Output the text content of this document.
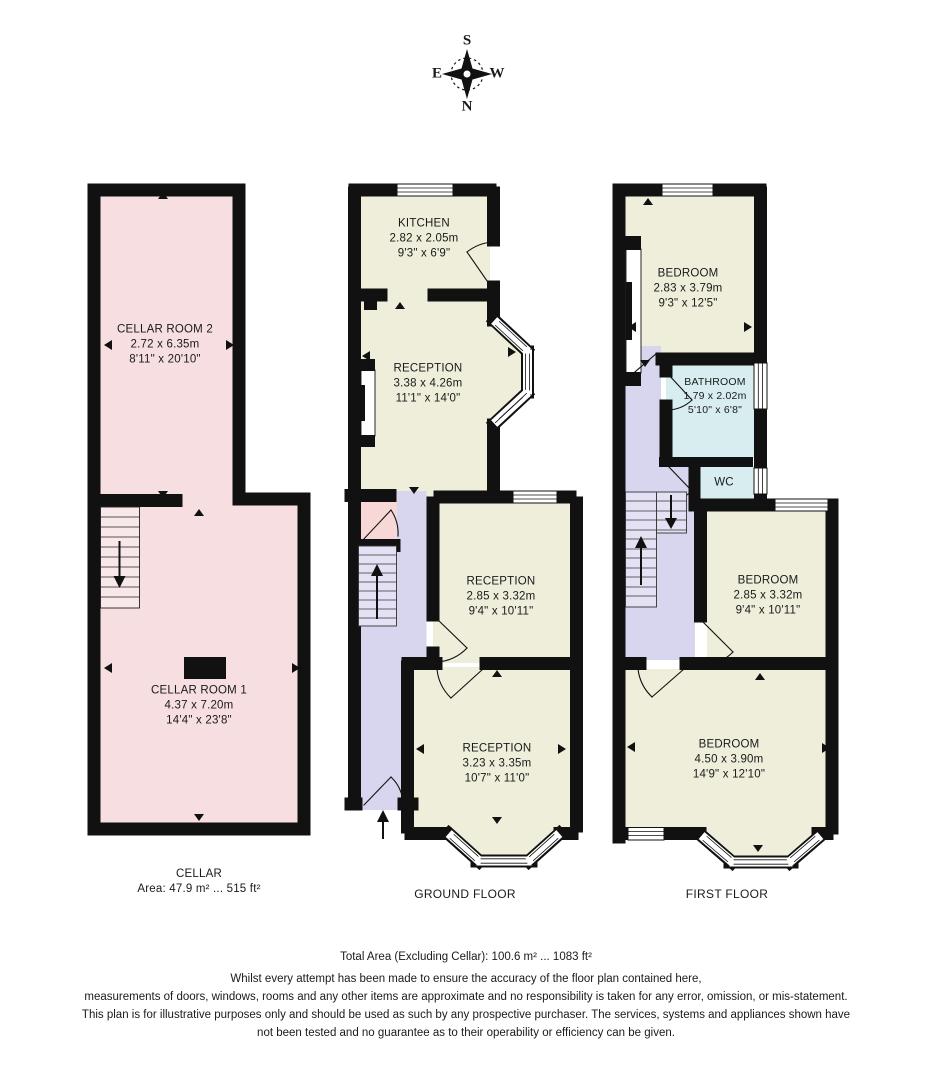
S
E	W
N
CELLAR ROOM 2
2.72 x 6.35m
8'11" x 20'10"
CELLAR ROOM 1
4.37 x 7.20m
14'4" x 23'8"
CELLAR
Area: 47.9 m² ... 515 ft²
KITCHEN
2.82 x 2.05m
9'3" x 6'9"
RECEPTION
3.38 x 4.26m
11'1" x 14'0"
RECEPTION
2.85 x 3.32m
9'4" x 10'11"
RECEPTION
3.23 x 3.35m
10'7" x 11'0"
GROUND FLOOR
BEDROOM
2.83 x 3.79m
9'3" x 12'5"
BATHROOM
1.79 x 2.02m
5'10" x 6'8"
WC
BEDROOM
2.85 x 3.32m
9'4" x 10'11"
BEDROOM
4.50 x 3.90m
14'9" x 12'10"
FIRST FLOOR
Total Area (Excluding Cellar): 100.6 m² ... 1083 ft²
Whilst every attempt has been made to ensure the accuracy of the floor plan contained here,
measurements of doors, windows, rooms and any other items are approximate and no responsibility is taken for any error, omission, or mis-statement.
This plan is for illustrative purposes only and should be used as such by any prospective purchaser. The services, systems and appliances shown have
not been tested and no guarantee as to their operability or efficiency can be given.
